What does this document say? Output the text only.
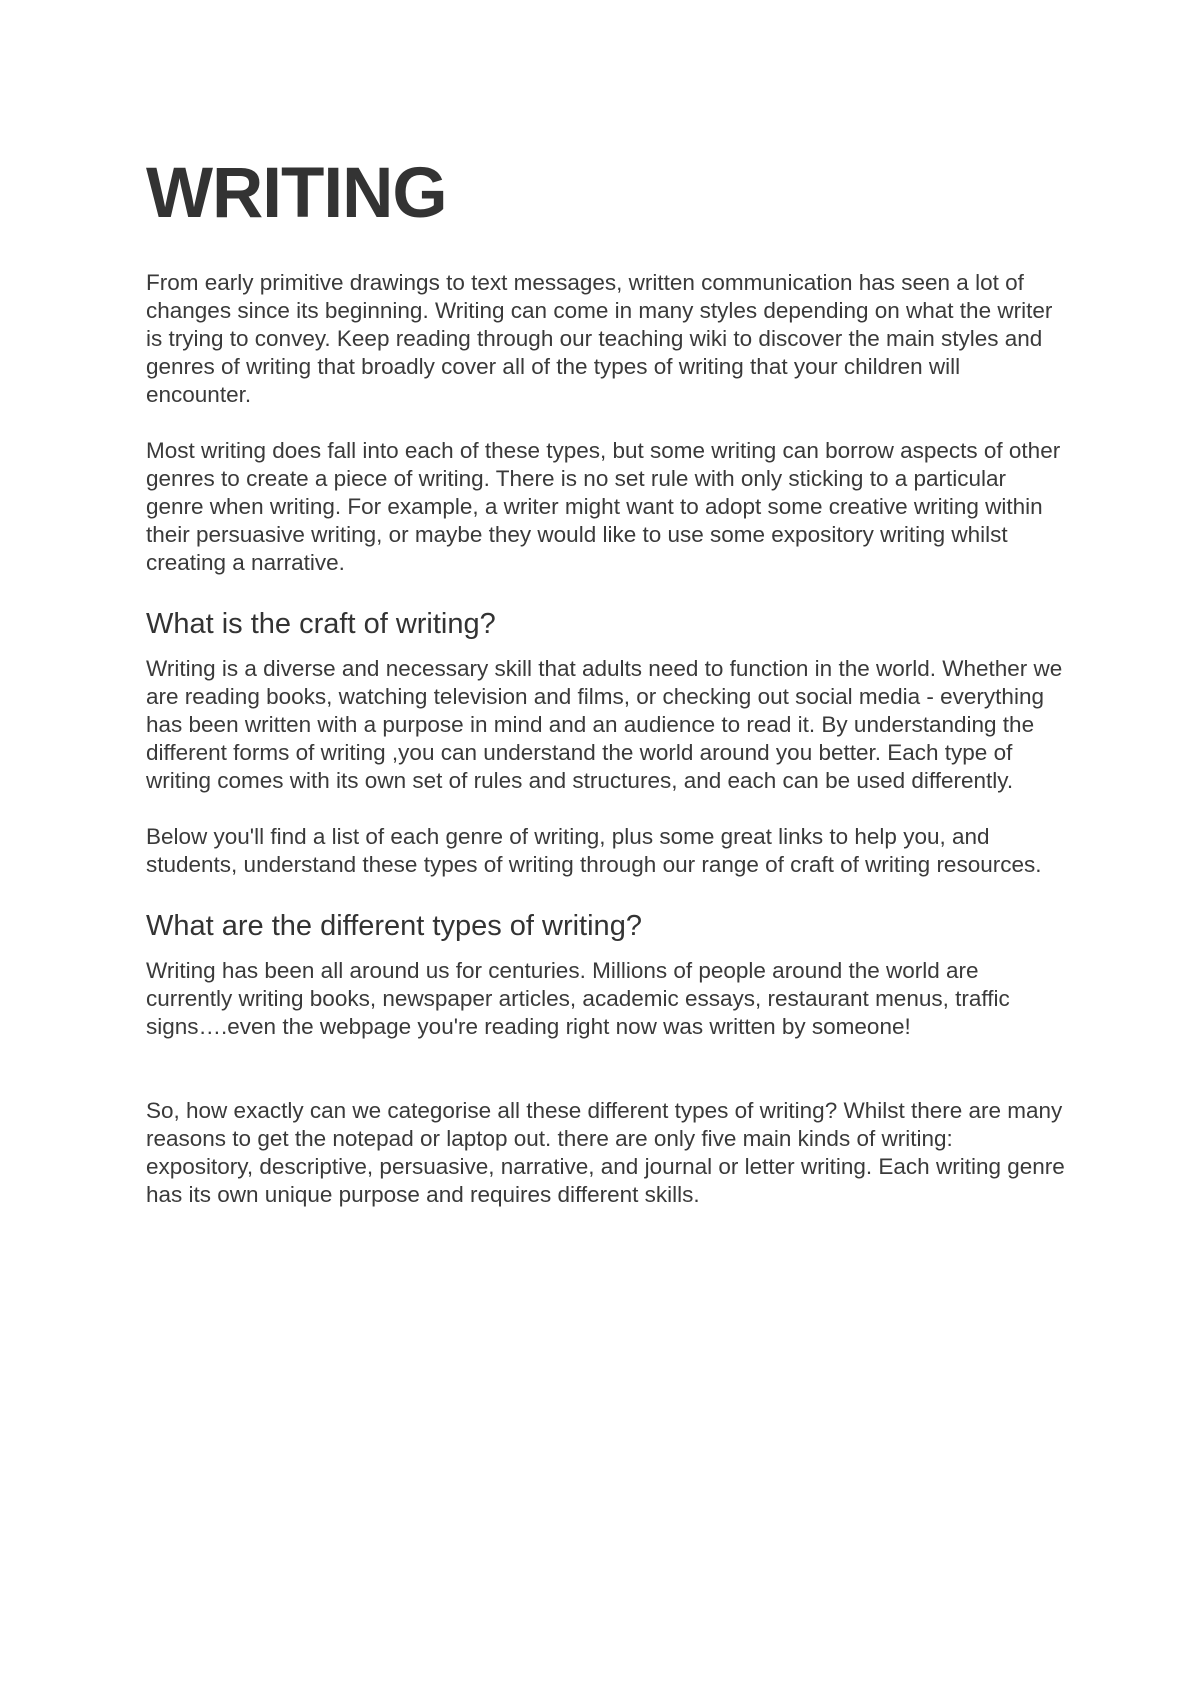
WRITING

From early primitive drawings to text messages, written communication has seen a lot of changes since its beginning. Writing can come in many styles depending on what the writer is trying to convey. Keep reading through our teaching wiki to discover the main styles and genres of writing that broadly cover all of the types of writing that your children will encounter.

Most writing does fall into each of these types, but some writing can borrow aspects of other genres to create a piece of writing. There is no set rule with only sticking to a particular genre when writing. For example, a writer might want to adopt some creative writing within their persuasive writing, or maybe they would like to use some expository writing whilst creating a narrative.

What is the craft of writing?

Writing is a diverse and necessary skill that adults need to function in the world. Whether we are reading books, watching television and films, or checking out social media - everything has been written with a purpose in mind and an audience to read it. By understanding the different forms of writing ,you can understand the world around you better. Each type of writing comes with its own set of rules and structures, and each can be used differently.

Below you'll find a list of each genre of writing, plus some great links to help you, and students, understand these types of writing through our range of craft of writing resources.

What are the different types of writing?

Writing has been all around us for centuries. Millions of people around the world are currently writing books, newspaper articles, academic essays, restaurant menus, traffic signs….even the webpage you're reading right now was written by someone!

So, how exactly can we categorise all these different types of writing? Whilst there are many reasons to get the notepad or laptop out. there are only five main kinds of writing: expository, descriptive, persuasive, narrative, and journal or letter writing. Each writing genre has its own unique purpose and requires different skills.
